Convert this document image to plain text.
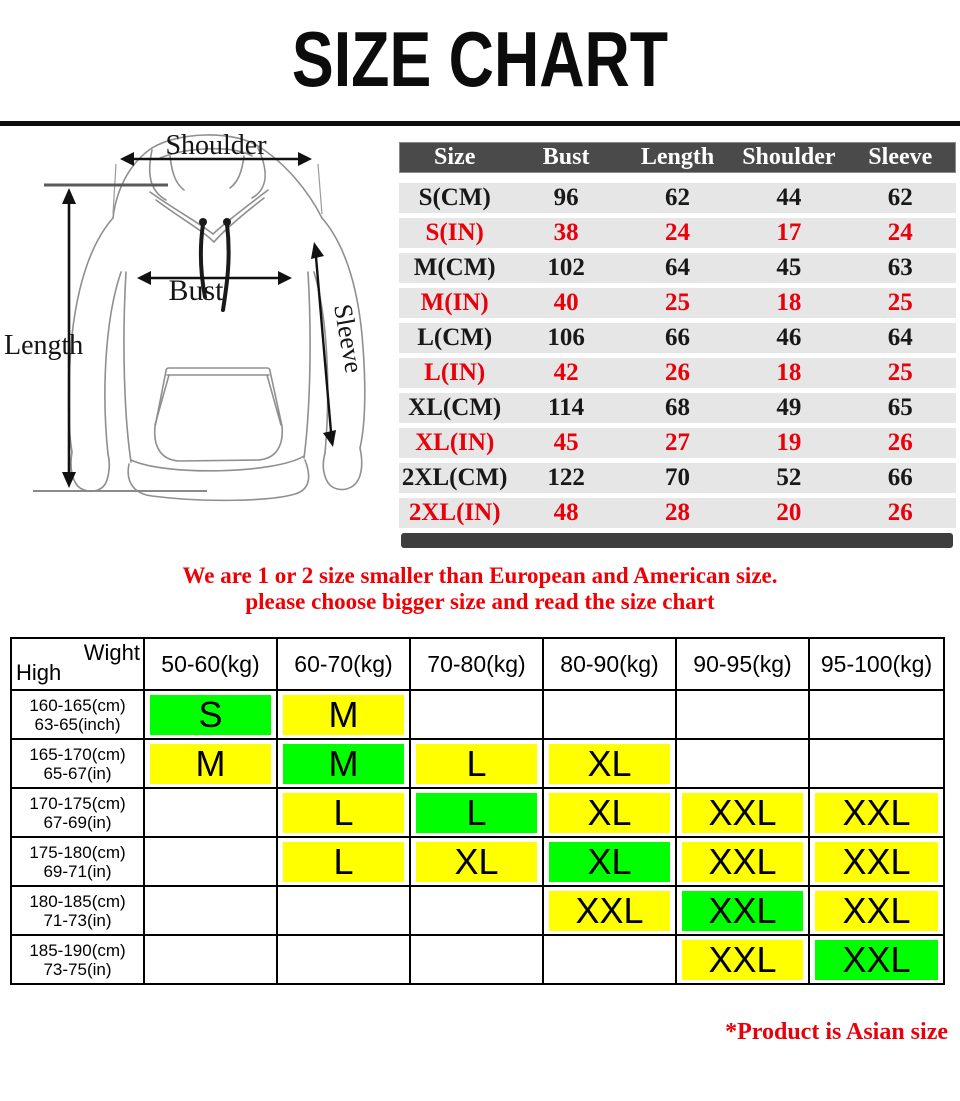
SIZE CHART
Shoulder
Bust
Length	Sleeve
Size	Bust	Length	Shoulder	Sleeve
S(CM)	96	62	44	62
S(IN)	38	24	17	24
M(CM)	102	64	45	63
M(IN)	40	25	18	25
L(CM)	106	66	46	64
L(IN)	42	26	18	25
XL(CM)	114	68	49	65
XL(IN)	45	27	19	26
2XL(CM)	122	70	52	66
2XL(IN)	48	28	20	26
We are 1 or 2 size smaller than European and American size.
please choose bigger size and read the size chart
Wight
High	50-60(kg)	60-70(kg)	70-80(kg)	80-90(kg)	90-95(kg)	95-100(kg)

160-165(cm)
63-65(inch)	S	M				

165-170(cm)
65-67(in)	M	M	L	XL		

170-175(cm)
67-69(in)		L	L	XL	XXL	XXL

175-180(cm)
69-71(in)		L	XL	XL	XXL	XXL

180-185(cm)
71-73(in)				XXL	XXL	XXL

185-190(cm)
73-75(in)					XXL	XXL
*Product is Asian size
